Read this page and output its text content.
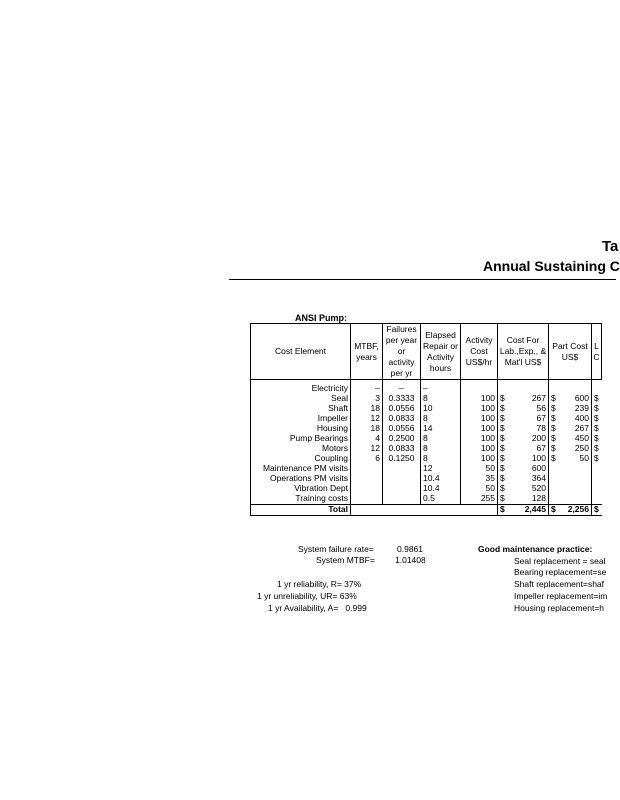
Ta
Annual Sustaining C
ANSI Pump:
Cost Element	MTBF, years	Failures per year or activity per yr	Elapsed Repair or Activity hours	Activity Cost US$/hr	Cost For Lab.,Exp., & Mat'l US$	Part Cost US$	L C
Electricity	–	–	–		

Seal	3	0.3333	8	100	$ 267	$ 600	$
Shaft	18	0.0556	10	100	$ 56	$ 239	$
Impeller	12	0.0833	8	100	$ 67	$ 400	$
Housing	18	0.0556	14	100	$ 78	$ 267	$
Pump Bearings	4	0.2500	8	100	$ 200	$ 450	$
Motors	12	0.0833	8	100	$ 67	$ 250	$
Coupling	6	0.1250	8	100	$ 100	$ 50	$
Maintenance PM visits			12	50	$ 600		

Operations PM visits			10.4	35	$ 364		

Vibration Dept			10.4	50	$ 520		

Training costs			0.5	255	$ 128		

Total					$ 2,445	$ 2,256	$
System failure rate=	0.9861
System MTBF= 1.01408
1 yr reliability, R= 37%
1 yr unreliability, UR= 63%
1 yr Availability, A=   0.999
Good maintenance practice:
Seal replacement = seal
Bearing replacement=se
Shaft replacement=shaf
Impeller replacement=im
Housing replacement=h
